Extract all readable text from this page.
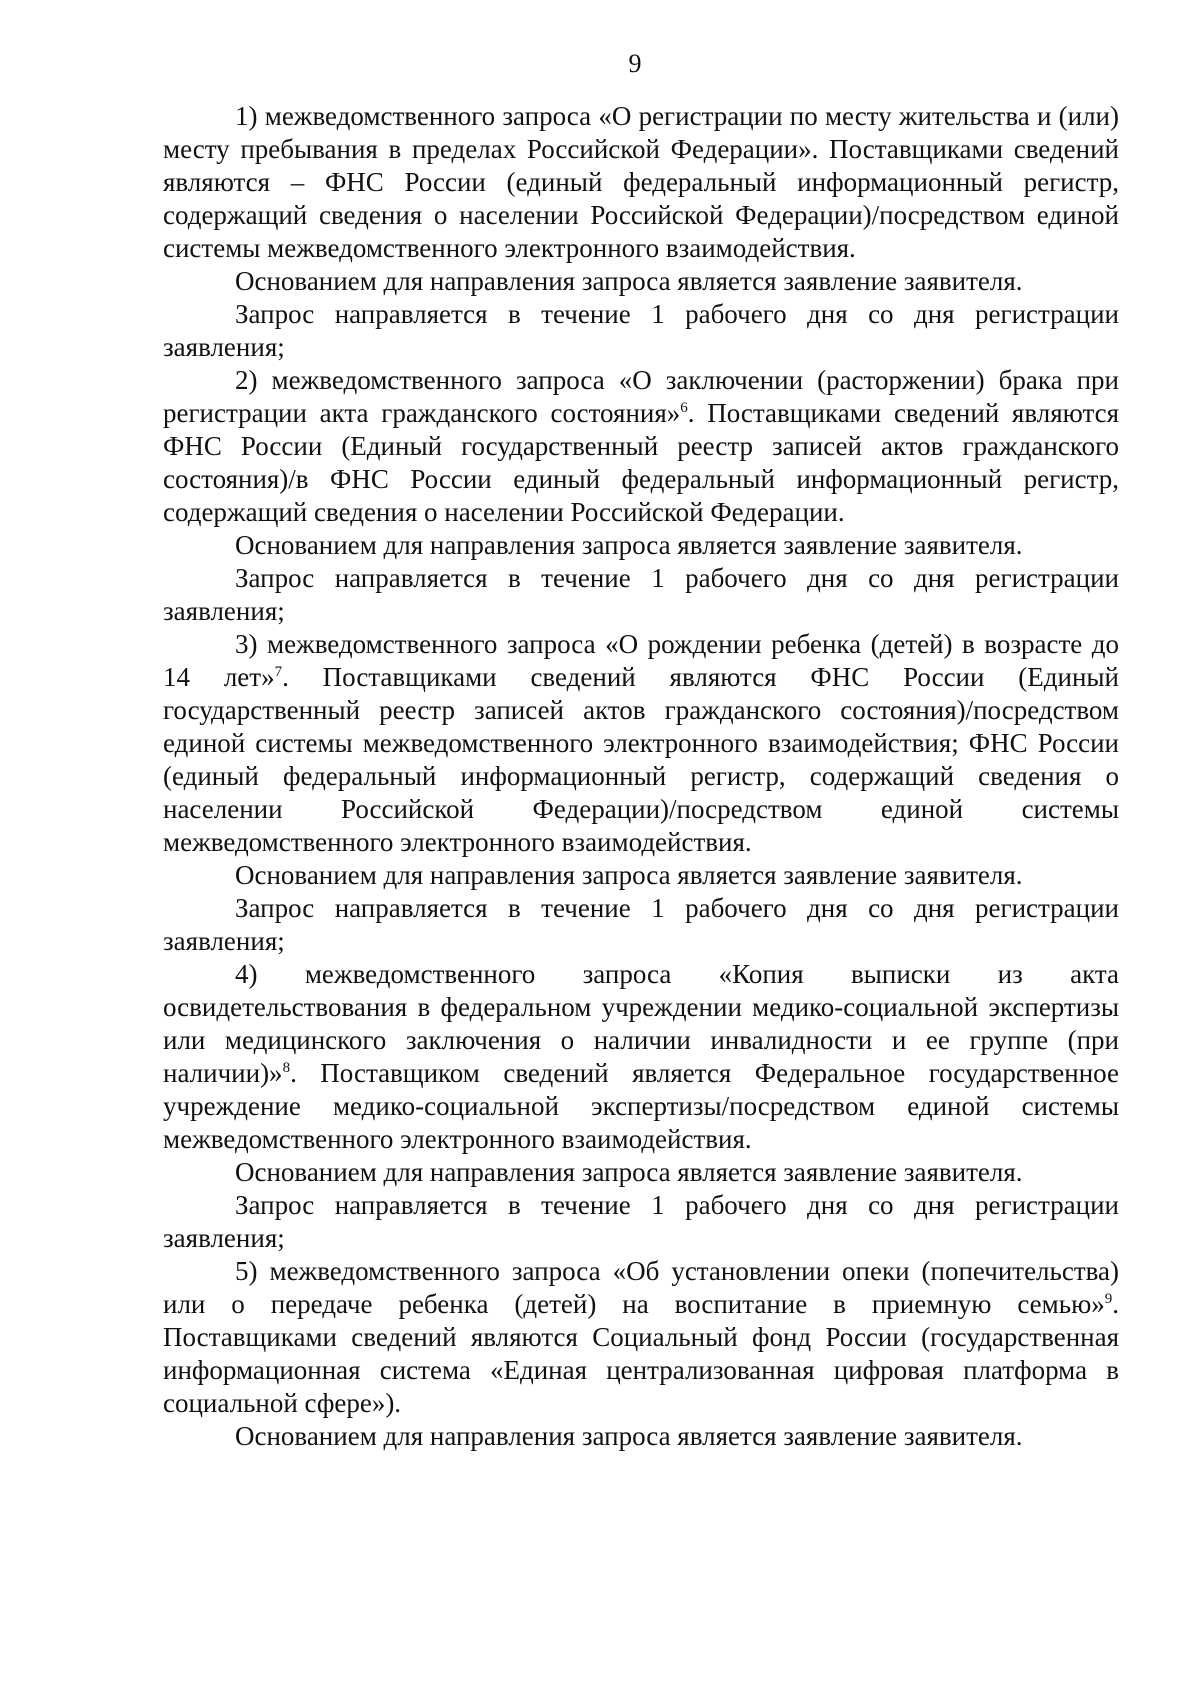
9

1) межведомственного запроса «О регистрации по месту жительства и (или) месту пребывания в пределах Российской Федерации». Поставщиками сведений являются – ФНС России (единый федеральный информационный регистр, содержащий сведения о населении Российской Федерации)/посредством единой системы межведомственного электронного взаимодействия.

Основанием для направления запроса является заявление заявителя.

Запрос направляется в течение 1 рабочего дня со дня регистрации заявления;

2) межведомственного запроса «О заключении (расторжении) брака при регистрации акта гражданского состояния»$^6$. Поставщиками сведений являются ФНС России (Единый государственный реестр записей актов гражданского состояния)/в ФНС России единый федеральный информационный регистр, содержащий сведения о населении Российской Федерации.

Основанием для направления запроса является заявление заявителя.

Запрос направляется в течение 1 рабочего дня со дня регистрации заявления;

3) межведомственного запроса «О рождении ребенка (детей) в возрасте до 14 лет»$^7$. Поставщиками сведений являются ФНС России (Единый государственный реестр записей актов гражданского состояния)/посредством единой системы межведомственного электронного взаимодействия; ФНС России (единый федеральный информационный регистр, содержащий сведения о населении Российской Федерации)/посредством единой системы межведомственного электронного взаимодействия.

Основанием для направления запроса является заявление заявителя.

Запрос направляется в течение 1 рабочего дня со дня регистрации заявления;

4) межведомственного запроса «Копия выписки из акта освидетельствования в федеральном учреждении медико-социальной экспертизы или медицинского заключения о наличии инвалидности и ее группе (при наличии)»$^8$. Поставщиком сведений является Федеральное государственное учреждение медико-социальной экспертизы/посредством единой системы межведомственного электронного взаимодействия.

Основанием для направления запроса является заявление заявителя.

Запрос направляется в течение 1 рабочего дня со дня регистрации заявления;

5) межведомственного запроса «Об установлении опеки (попечительства) или о передаче ребенка (детей) на воспитание в приемную семью»$^9$. Поставщиками сведений являются Социальный фонд России (государственная информационная система «Единая централизованная цифровая платформа в социальной сфере»).

Основанием для направления запроса является заявление заявителя.
